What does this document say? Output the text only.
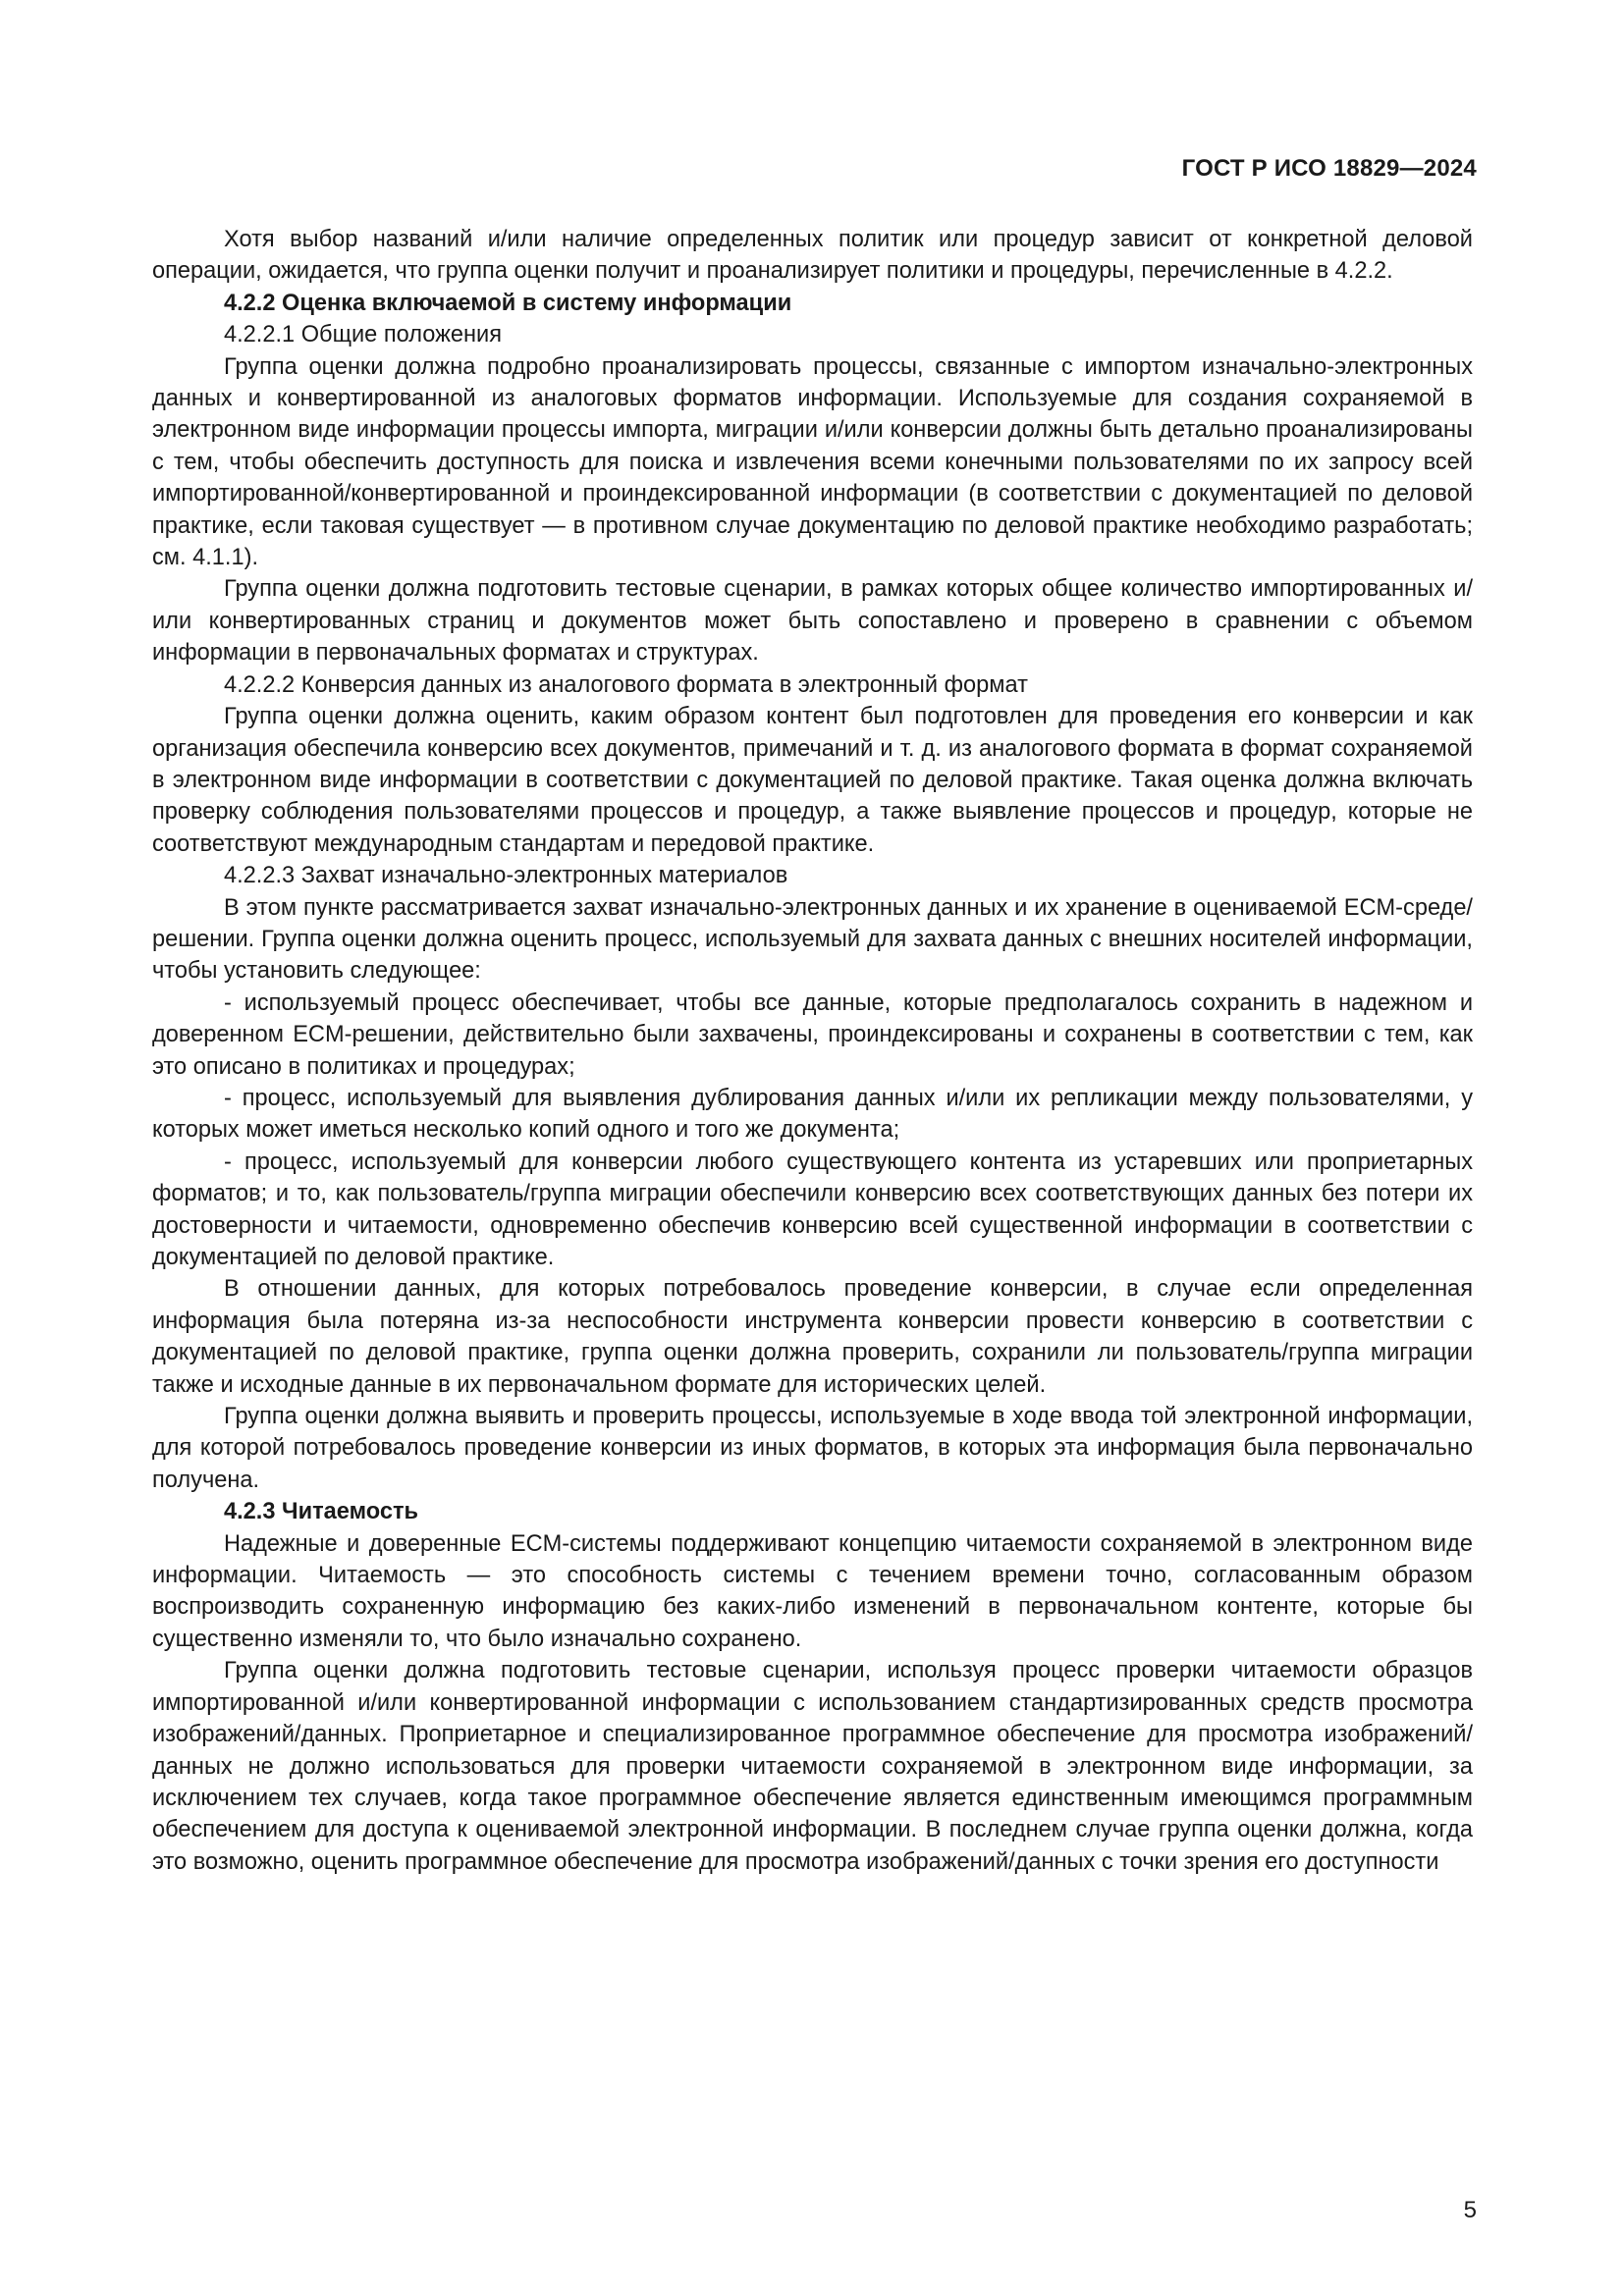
ГОСТ Р ИСО 18829—2024

Хотя выбор названий и/или наличие определенных политик или процедур зависит от конкретной деловой операции, ожидается, что группа оценки получит и проанализирует политики и процедуры, перечисленные в 4.2.2.

4.2.2 Оценка включаемой в систему информации

4.2.2.1 Общие положения

Группа оценки должна подробно проанализировать процессы, связанные с импортом изначально-электронных данных и конвертированной из аналоговых форматов информации. Используемые для создания сохраняемой в электронном виде информации процессы импорта, миграции и/или конверсии должны быть детально проанализированы с тем, чтобы обеспечить доступность для поиска и извлечения всеми конечными пользователями по их запросу всей импортированной/конвертированной и проиндексированной информации (в соответствии с документацией по деловой практике, если таковая существует — в противном случае документацию по деловой практике необходимо разработать; см. 4.1.1).

Группа оценки должна подготовить тестовые сценарии, в рамках которых общее количество импортированных и/или конвертированных страниц и документов может быть сопоставлено и проверено в сравнении с объемом информации в первоначальных форматах и структурах.

4.2.2.2 Конверсия данных из аналогового формата в электронный формат

Группа оценки должна оценить, каким образом контент был подготовлен для проведения его конверсии и как организация обеспечила конверсию всех документов, примечаний и т. д. из аналогового формата в формат сохраняемой в электронном виде информации в соответствии с документацией по деловой практике. Такая оценка должна включать проверку соблюдения пользователями процессов и процедур, а также выявление процессов и процедур, которые не соответствуют международным стандартам и передовой практике.

4.2.2.3 Захват изначально-электронных материалов

В этом пункте рассматривается захват изначально-электронных данных и их хранение в оцениваемой ECM-среде/решении. Группа оценки должна оценить процесс, используемый для захвата данных с внешних носителей информации, чтобы установить следующее:

- используемый процесс обеспечивает, чтобы все данные, которые предполагалось сохранить в надежном и доверенном ECM-решении, действительно были захвачены, проиндексированы и сохранены в соответствии с тем, как это описано в политиках и процедурах;

- процесс, используемый для выявления дублирования данных и/или их репликации между пользователями, у которых может иметься несколько копий одного и того же документа;

- процесс, используемый для конверсии любого существующего контента из устаревших или проприетарных форматов; и то, как пользователь/группа миграции обеспечили конверсию всех соответствующих данных без потери их достоверности и читаемости, одновременно обеспечив конверсию всей существенной информации в соответствии с документацией по деловой практике.

В отношении данных, для которых потребовалось проведение конверсии, в случае если определенная информация была потеряна из-за неспособности инструмента конверсии провести конверсию в соответствии с документацией по деловой практике, группа оценки должна проверить, сохранили ли пользователь/группа миграции также и исходные данные в их первоначальном формате для исторических целей.

Группа оценки должна выявить и проверить процессы, используемые в ходе ввода той электронной информации, для которой потребовалось проведение конверсии из иных форматов, в которых эта информация была первоначально получена.

4.2.3 Читаемость

Надежные и доверенные ECM-системы поддерживают концепцию читаемости сохраняемой в электронном виде информации. Читаемость — это способность системы с течением времени точно, согласованным образом воспроизводить сохраненную информацию без каких-либо изменений в первоначальном контенте, которые бы существенно изменяли то, что было изначально сохранено.

Группа оценки должна подготовить тестовые сценарии, используя процесс проверки читаемости образцов импортированной и/или конвертированной информации с использованием стандартизированных средств просмотра изображений/данных. Проприетарное и специализированное программное обеспечение для просмотра изображений/данных не должно использоваться для проверки читаемости сохраняемой в электронном виде информации, за исключением тех случаев, когда такое программное обеспечение является единственным имеющимся программным обеспечением для доступа к оцениваемой электронной информации. В последнем случае группа оценки должна, когда это возможно, оценить программное обеспечение для просмотра изображений/данных с точки зрения его доступности

5
